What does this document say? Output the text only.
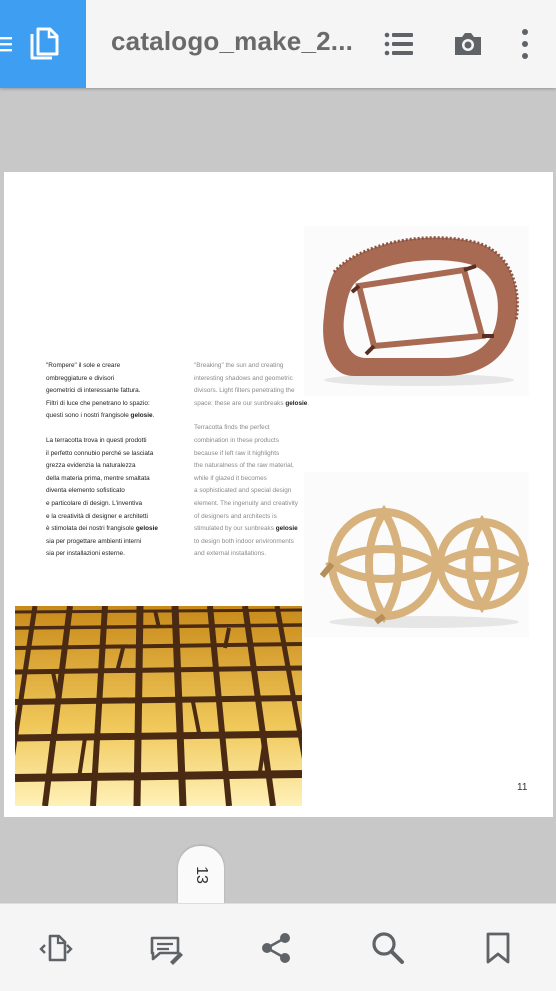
catalogo_make_2...

"Rompere" il sole e creare
ombreggiature e divisori
geometrici di interessante fattura.
Filtri di luce che penetrano lo spazio:
questi sono i nostri frangisole gelosie.

La terracotta trova in questi prodotti
il perfetto connubio perché se lasciata
grezza evidenzia la naturalezza
della materia prima, mentre smaltata
diventa elemento sofisticato
e particolare di design. L'inventiva
e la creatività di designer e architetti
è stimolata dei nostri frangisole gelosie
sia per progettare ambienti interni
sia per installazioni esterne.

"Breaking" the sun and creating
interesting shadows and geometric
divisors. Light filters penetrating the
space: these are our sunbreaks gelosie.

Terracotta finds the perfect
combination in these products
because if left raw it highlights
the naturalness of the raw material,
while if glazed it becomes
a sophisticated and special design
element. The ingenuity and creativity
of designers and architects is
stimulated by our sunbreaks gelosie
to design both indoor environments
and external installations.

11
13
